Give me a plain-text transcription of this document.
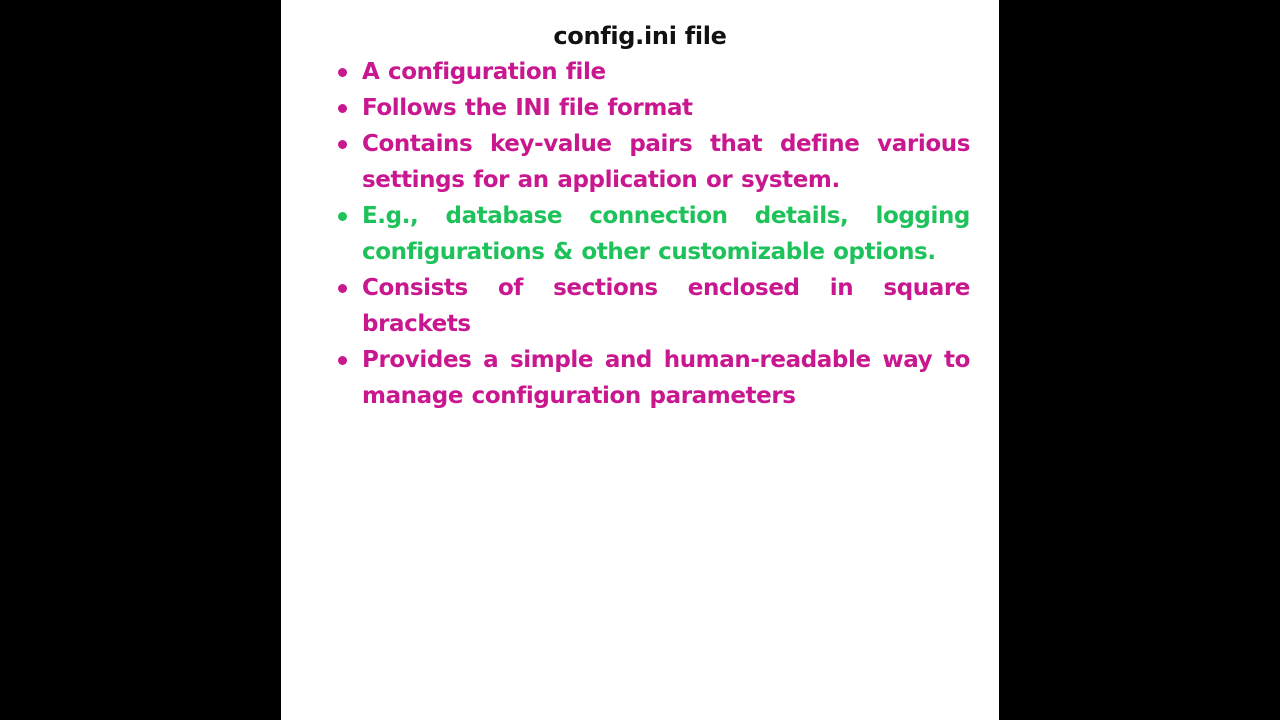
config.ini file
A configuration file
Follows the INI file format
Contains key-value pairs that define various settings for an application or system.
E.g., database connection details, logging configurations & other customizable options.
Consists of sections enclosed in square brackets
Provides a simple and human-readable way to manage configuration parameters
